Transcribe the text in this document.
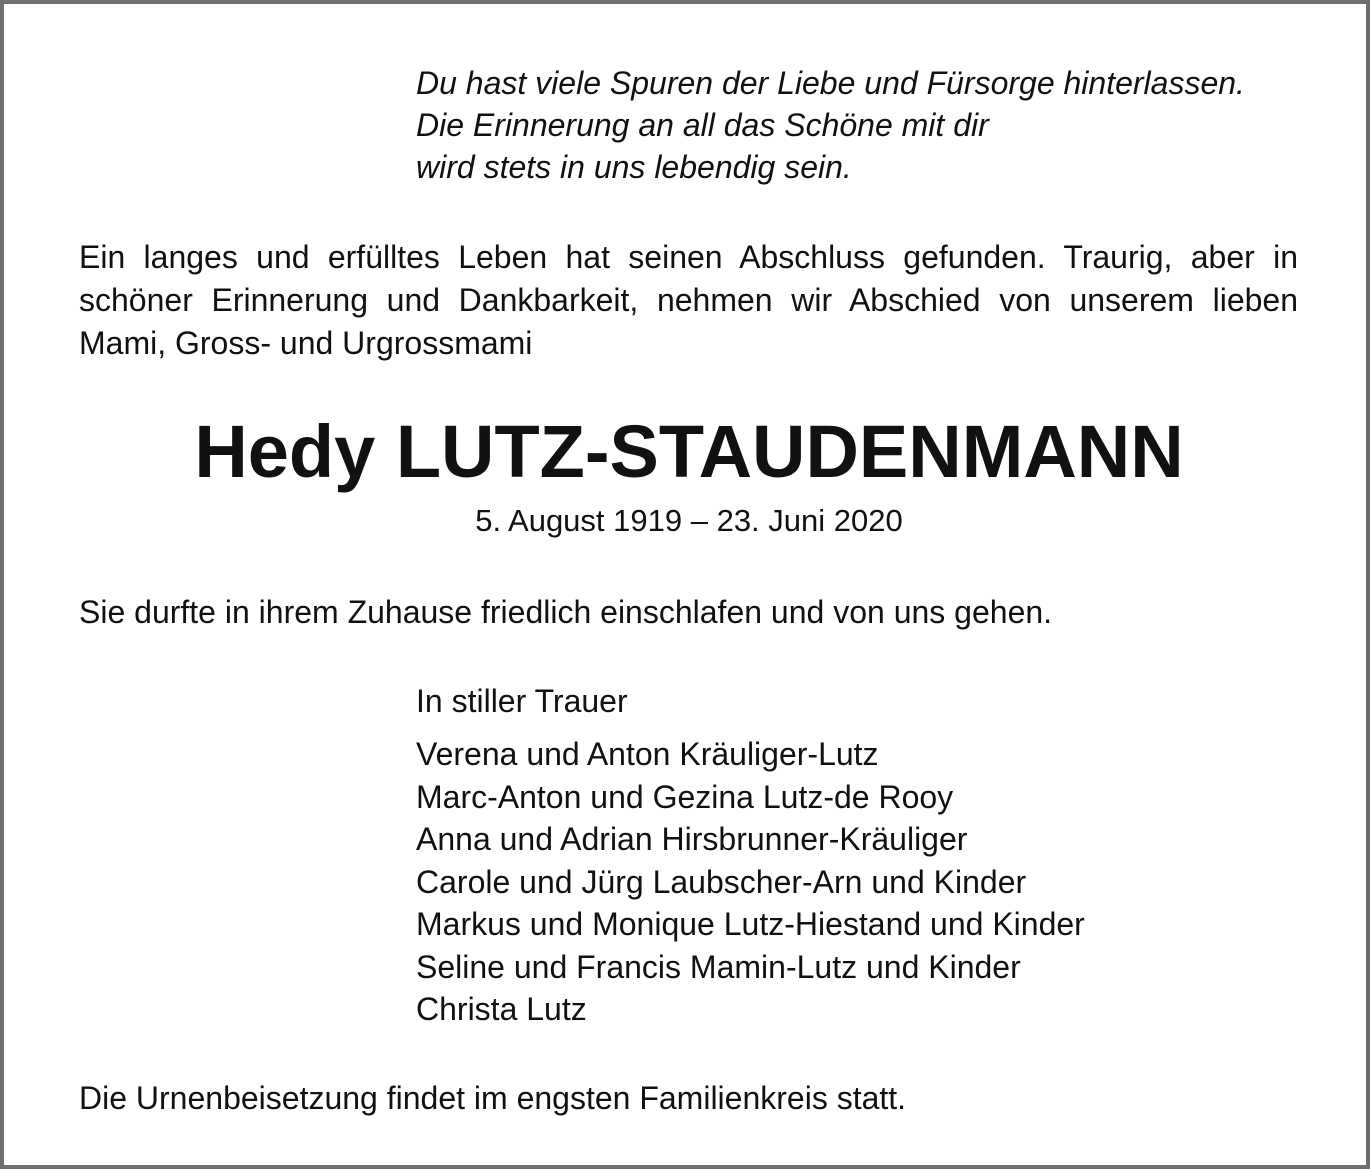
Du hast viele Spuren der Liebe und Fürsorge hinterlassen.
Die Erinnerung an all das Schöne mit dir
wird stets in uns lebendig sein.
Ein langes und erfülltes Leben hat seinen Abschluss gefunden. Traurig, aber in schöner Erinnerung und Dankbarkeit, nehmen wir Abschied von unserem lieben Mami, Gross- und Urgrossmami
Hedy LUTZ-STAUDENMANN
5. August 1919 – 23. Juni 2020
Sie durfte in ihrem Zuhause friedlich einschlafen und von uns gehen.
In stiller Trauer
Verena und Anton Kräuliger-Lutz
Marc-Anton und Gezina Lutz-de Rooy
Anna und Adrian Hirsbrunner-Kräuliger
Carole und Jürg Laubscher-Arn und Kinder
Markus und Monique Lutz-Hiestand und Kinder
Seline und Francis Mamin-Lutz und Kinder
Christa Lutz
Die Urnenbeisetzung findet im engsten Familienkreis statt.
